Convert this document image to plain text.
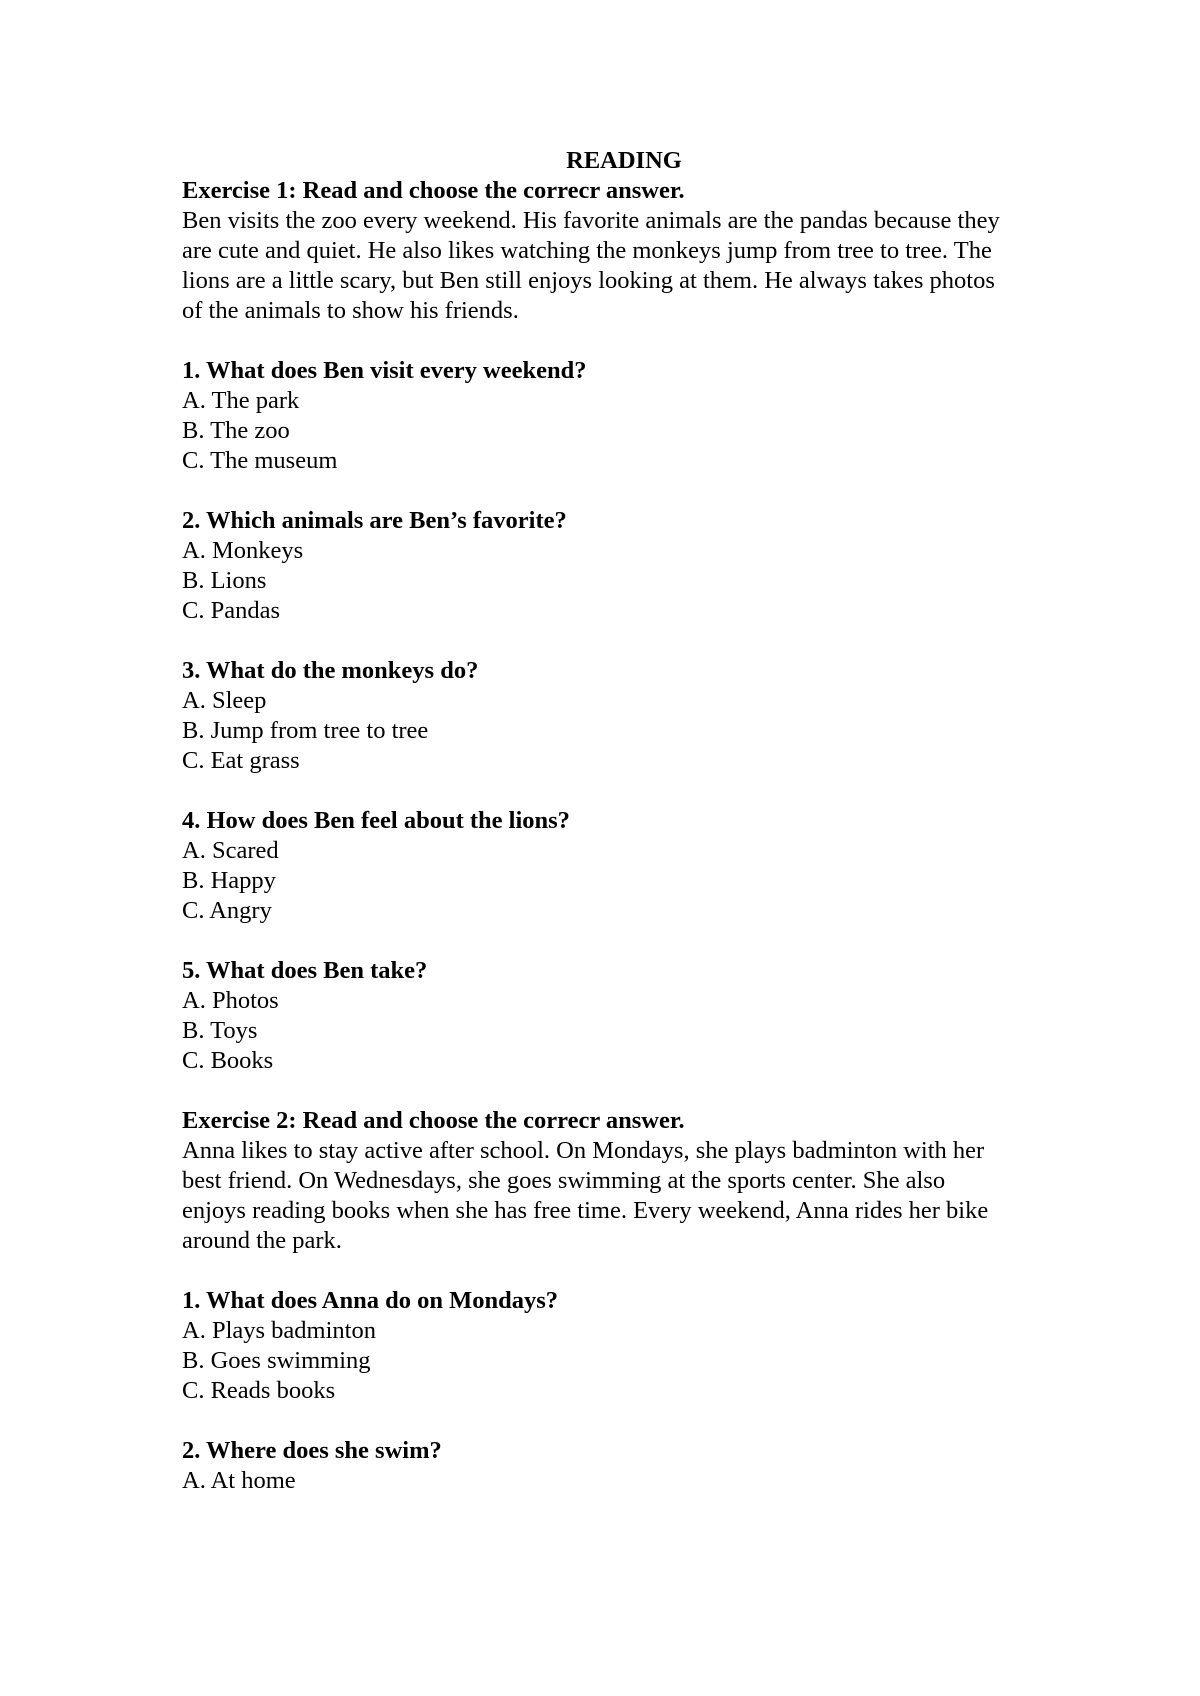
READING
Exercise 1: Read and choose the correcr answer.
Ben visits the zoo every weekend. His favorite animals are the pandas because they are cute and quiet. He also likes watching the monkeys jump from tree to tree. The lions are a little scary, but Ben still enjoys looking at them. He always takes photos of the animals to show his friends.
1. What does Ben visit every weekend?
A. The park
B. The zoo
C. The museum
2. Which animals are Ben’s favorite?
A. Monkeys
B. Lions
C. Pandas
3. What do the monkeys do?
A. Sleep
B. Jump from tree to tree
C. Eat grass
4. How does Ben feel about the lions?
A. Scared
B. Happy
C. Angry
5. What does Ben take?
A. Photos
B. Toys
C. Books
Exercise 2: Read and choose the correcr answer.
Anna likes to stay active after school. On Mondays, she plays badminton with her best friend. On Wednesdays, she goes swimming at the sports center. She also enjoys reading books when she has free time. Every weekend, Anna rides her bike around the park.
1. What does Anna do on Mondays?
A. Plays badminton
B. Goes swimming
C. Reads books
2. Where does she swim?
A. At home
